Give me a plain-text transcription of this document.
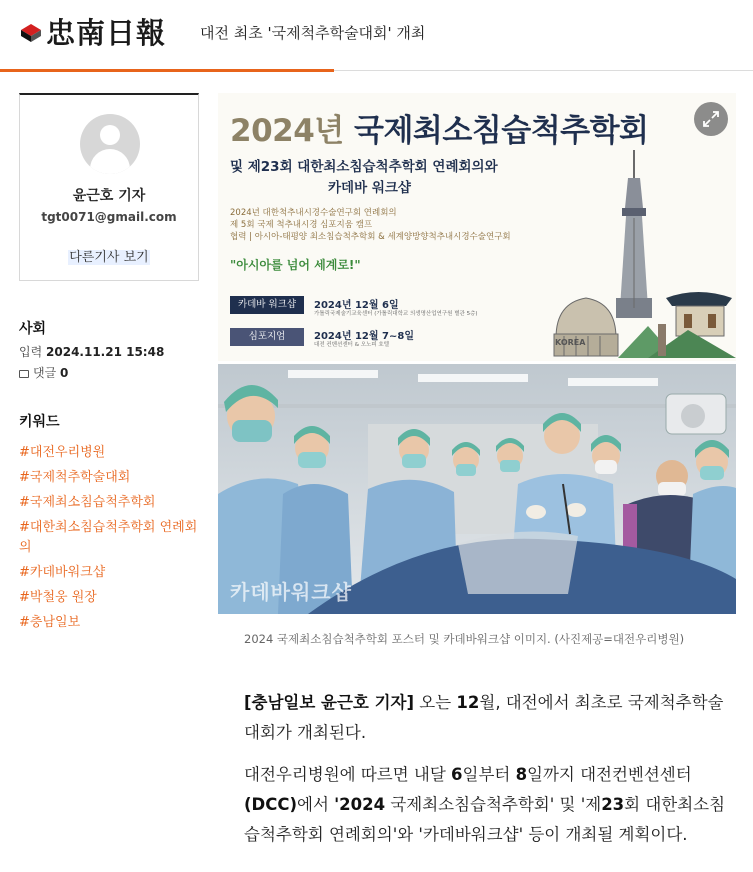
忠南日報 대전 최초 '국제척추학술대회' 개최
윤근호 기자
tgt0071@gmail.com
다른기사 보기
사회
입력 2024.11.21 15:48
댓글 0
키워드
#대전우리병원
#국제척추학술대회
#국제최소침습척추학회
#대한최소침습척추학회 연례회의
#카데바워크샵
#박철웅 원장
#충남일보
2024년 국제최소침습척추학회
및 제23회 대한최소침습척추학회 연례회의와
카데바 워크샵
2024년 대한척추내시경수술연구회 연례회의
제 5회 국제 척추내시경 심포지움 캠프
협력 | 아시아-태평양 최소침습척추학회 & 세계양방향척추내시경수술연구회
"아시아를 넘어 세계로!"
카데바 워크샵	2024년 12월 6일
가톨릭국제술기교육센터 (가톨릭대학교 의생명산업연구원 별관 5층)
심포지엄	2024년 12월 7~8일
대전 컨벤션센터 & 오노피 호텔	KOREA
카데바워크샵
2024 국제최소침습척추학회 포스터 및 카데바워크샵 이미지. (사진제공=대전우리병원)
[충남일보 윤근호 기자] 오는 12월, 대전에서 최초로 국제척추학술
대회가 개최된다.
대전우리병원에 따르면 내달 6일부터 8일까지 대전컨벤션센터
(DCC)에서 '2024 국제최소침습척추학회' 및 '제23회 대한최소침
습척추학회 연례회의'와 '카데바워크샵' 등이 개최될 계획이다.
